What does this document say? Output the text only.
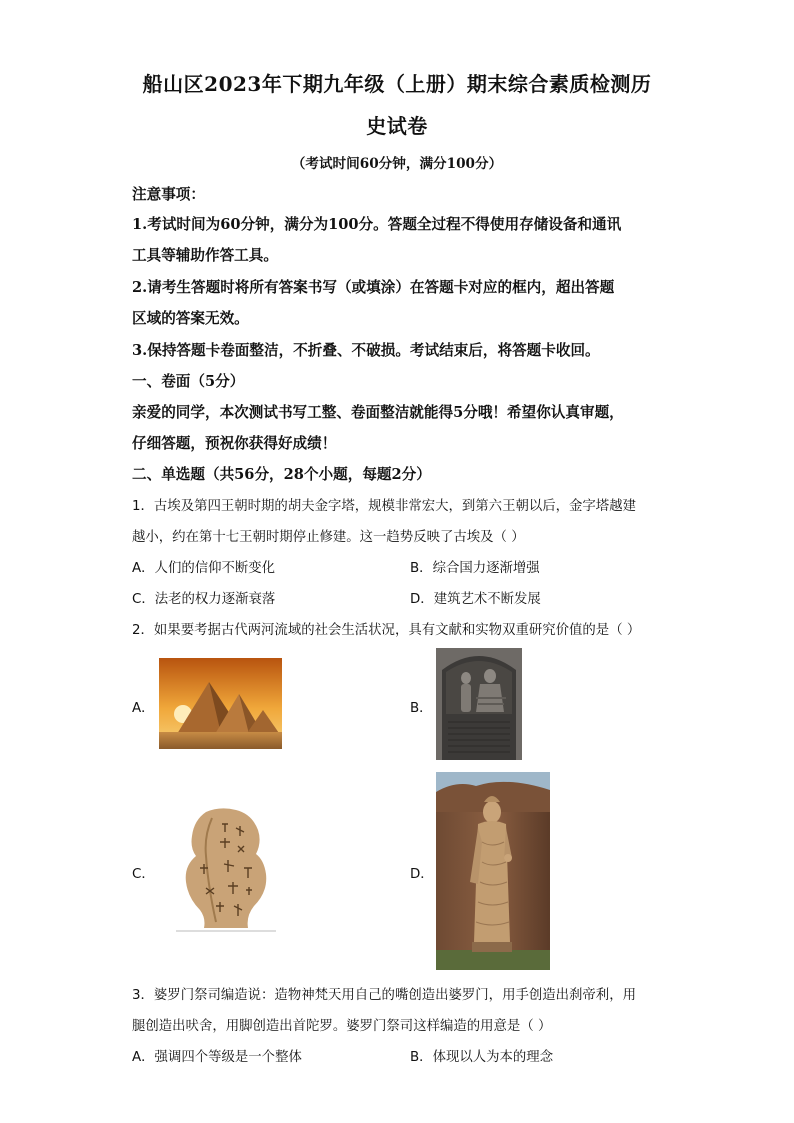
船山区2023年下期九年级（上册）期末综合素质检测历
史试卷
（考试时间60分钟，满分100分）
注意事项：
1.考试时间为60分钟，满分为100分。答题全过程不得使用存储设备和通讯
工具等辅助作答工具。
2.请考生答题时将所有答案书写（或填涂）在答题卡对应的框内，超出答题
区域的答案无效。
3.保持答题卡卷面整洁，不折叠、不破损。考试结束后，将答题卡收回。
一、卷面（5分）
亲爱的同学，本次测试书写工整、卷面整洁就能得5分哦！希望你认真审题，
仔细答题，预祝你获得好成绩！
二、单选题（共56分，28个小题，每题2分）
1．古埃及第四王朝时期的胡夫金字塔，规模非常宏大，到第六王朝以后，金字塔越建
越小，约在第十七王朝时期停止修建。这一趋势反映了古埃及（ ）
A．人们的信仰不断变化	B．综合国力逐渐增强
C．法老的权力逐渐衰落	D．建筑艺术不断发展
2．如果要考据古代两河流域的社会生活状况，具有文献和实物双重研究价值的是（ ）
A．	B．
C．	D．
3．婆罗门祭司编造说：造物神梵天用自己的嘴创造出婆罗门，用手创造出刹帝利，用
腿创造出吠舍，用脚创造出首陀罗。婆罗门祭司这样编造的用意是（ ）
A．强调四个等级是一个整体	B．体现以人为本的理念
